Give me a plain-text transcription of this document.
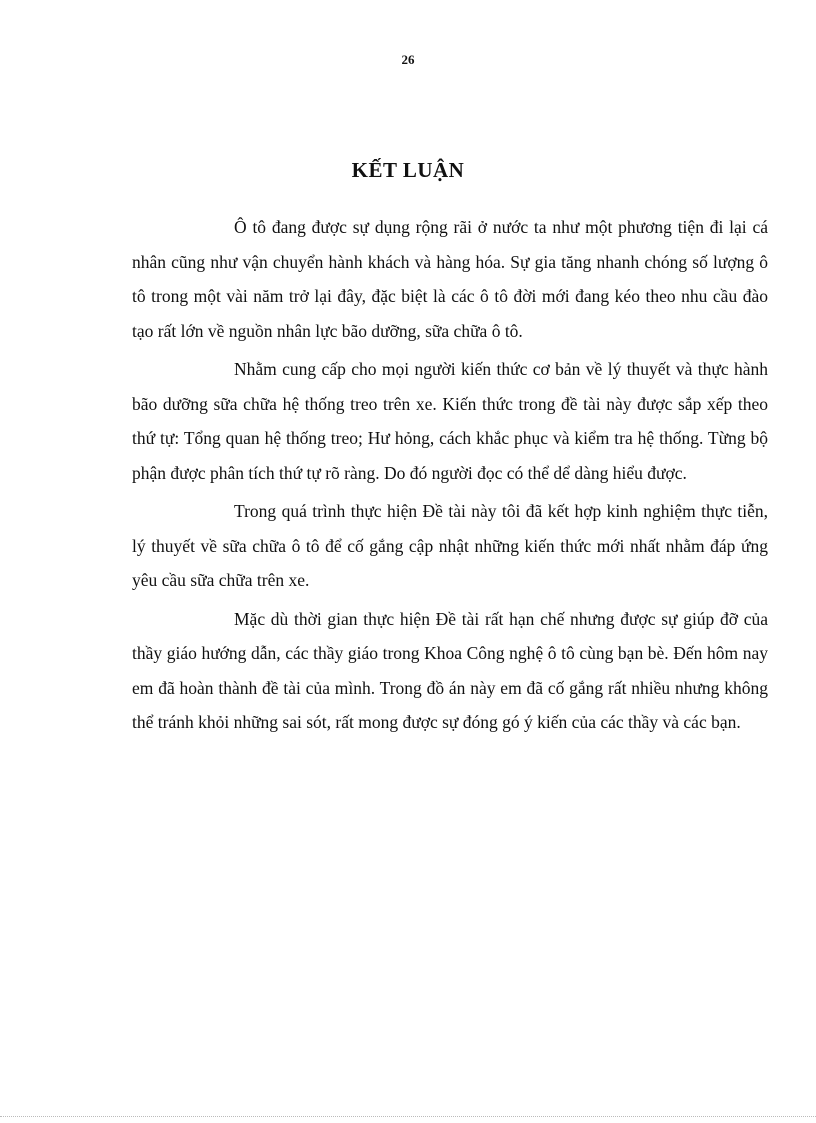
26
KẾT LUẬN

Ô tô đang được sự dụng rộng rãi ở nước ta như một phương tiện đi lại cá nhân cũng như vận chuyển hành khách và hàng hóa. Sự gia tăng nhanh chóng số lượng ô tô trong một vài năm trở lại đây, đặc biệt là các ô tô đời mới đang kéo theo nhu cầu đào tạo rất lớn về nguồn nhân lực bão dưỡng, sữa chữa ô tô.

Nhằm cung cấp cho mọi người kiến thức cơ bản về lý thuyết và thực hành bão dưỡng sữa chữa hệ thống treo trên xe. Kiến thức trong đề tài này được sắp xếp theo thứ tự: Tổng quan hệ thống treo; Hư hỏng, cách khắc phục và kiểm tra hệ thống. Từng bộ phận được phân tích thứ tự rõ ràng. Do đó người đọc có thể dể dàng hiểu được.

Trong quá trình thực hiện Đề tài này tôi đã kết hợp kinh nghiệm thực tiễn, lý thuyết về sữa chữa ô tô để cố gắng cập nhật những kiến thức mới nhất nhằm đáp ứng yêu cầu sữa chữa trên xe.

Mặc dù thời gian thực hiện Đề tài rất hạn chế nhưng được sự giúp đỡ của thầy giáo hướng dẫn, các thầy giáo trong Khoa Công nghệ ô tô cùng bạn bè. Đến hôm nay em đã hoàn thành đề tài của mình. Trong đồ án này em đã cố gắng rất nhiều nhưng không thể tránh khỏi những sai sót, rất mong được sự đóng gó ý kiến của các thầy và các bạn.
